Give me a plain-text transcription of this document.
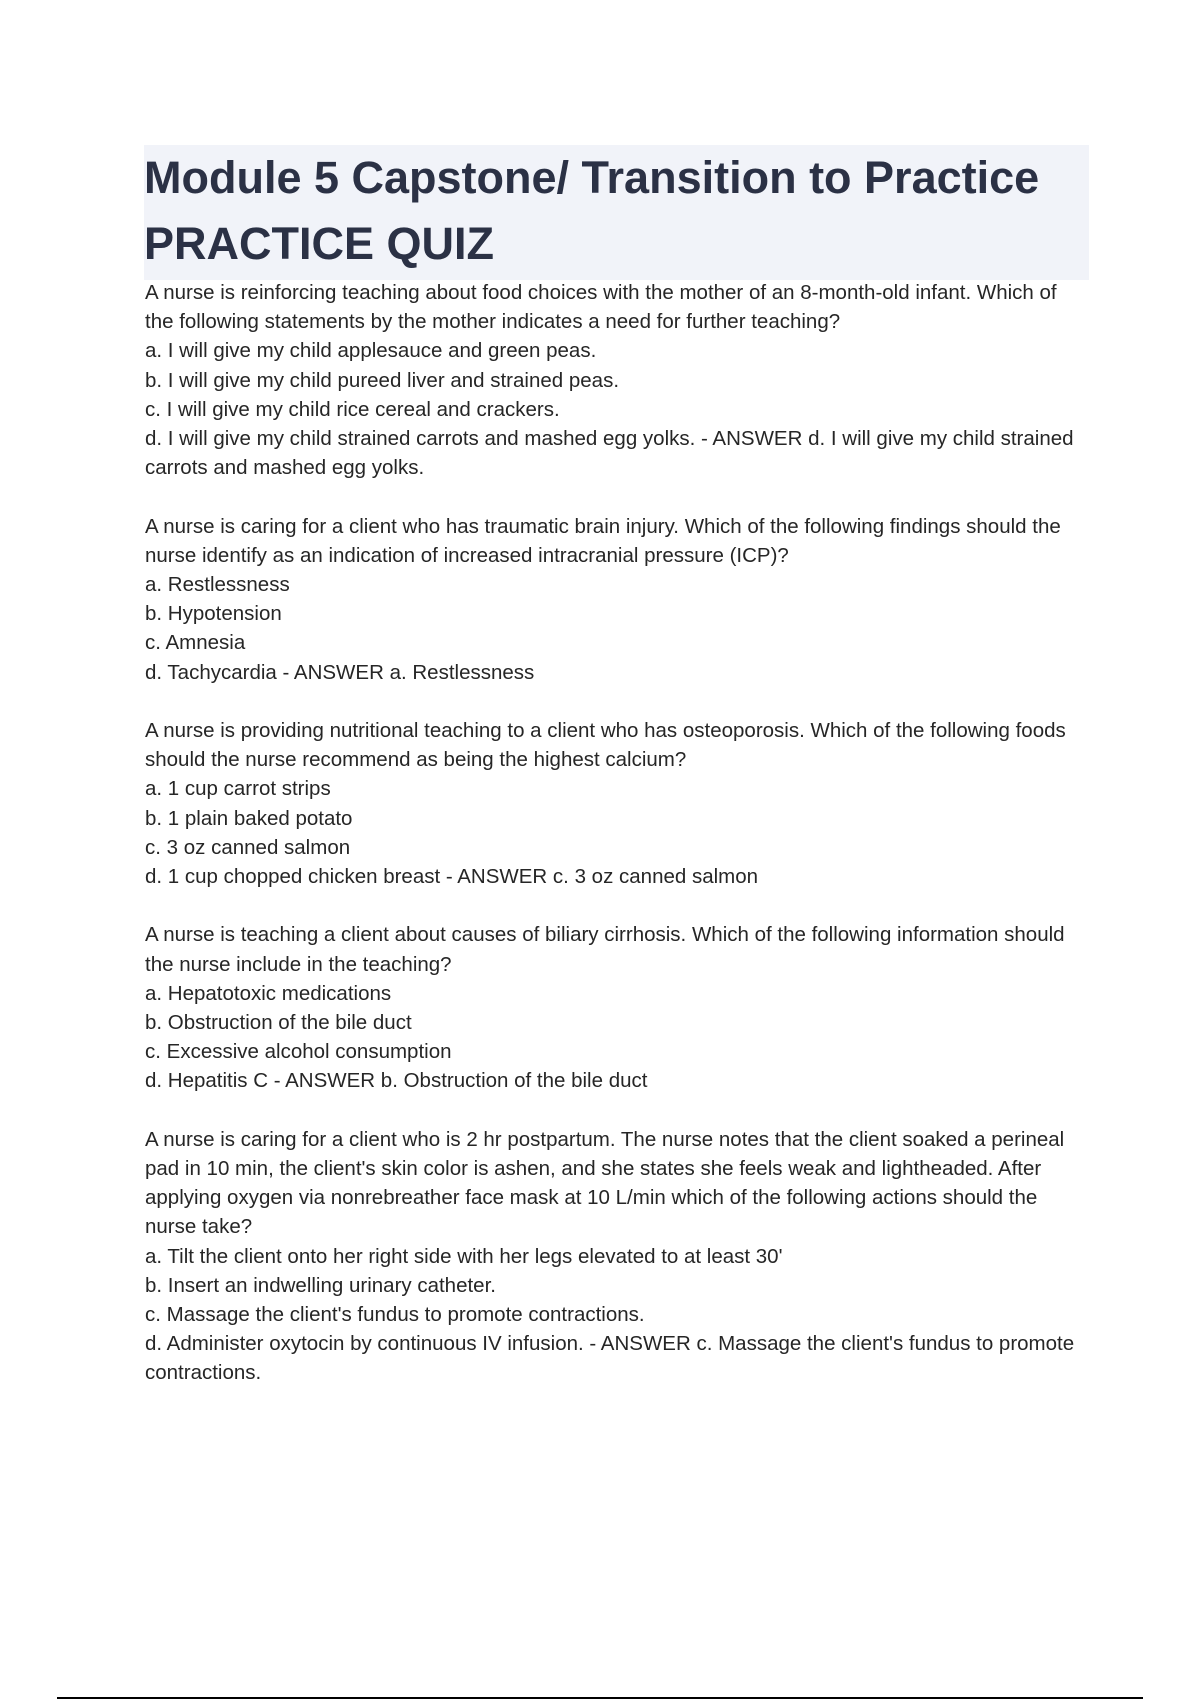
Module 5 Capstone/ Transition to Practice

PRACTICE QUIZ

A nurse is reinforcing teaching about food choices with the mother of an 8-month-old infant. Which of the following statements by the mother indicates a need for further teaching?
a. I will give my child applesauce and green peas.
b. I will give my child pureed liver and strained peas.
c. I will give my child rice cereal and crackers.
d. I will give my child strained carrots and mashed egg yolks. - ANSWER d. I will give my child strained carrots and mashed egg yolks.
A nurse is caring for a client who has traumatic brain injury. Which of the following findings should the nurse identify as an indication of increased intracranial pressure (ICP)?
a. Restlessness
b. Hypotension
c. Amnesia
d. Tachycardia - ANSWER a. Restlessness
A nurse is providing nutritional teaching to a client who has osteoporosis. Which of the following foods should the nurse recommend as being the highest calcium?
a. 1 cup carrot strips
b. 1 plain baked potato
c. 3 oz canned salmon
d. 1 cup chopped chicken breast - ANSWER c. 3 oz canned salmon
A nurse is teaching a client about causes of biliary cirrhosis. Which of the following information should the nurse include in the teaching?
a. Hepatotoxic medications
b. Obstruction of the bile duct
c. Excessive alcohol consumption
d. Hepatitis C - ANSWER b. Obstruction of the bile duct
A nurse is caring for a client who is 2 hr postpartum. The nurse notes that the client soaked a perineal pad in 10 min, the client's skin color is ashen, and she states she feels weak and lightheaded. After applying oxygen via nonrebreather face mask at 10 L/min which of the following actions should the nurse take?
a. Tilt the client onto her right side with her legs elevated to at least 30'
b. Insert an indwelling urinary catheter.
c. Massage the client's fundus to promote contractions.
d. Administer oxytocin by continuous IV infusion. - ANSWER c. Massage the client's fundus to promote contractions.
